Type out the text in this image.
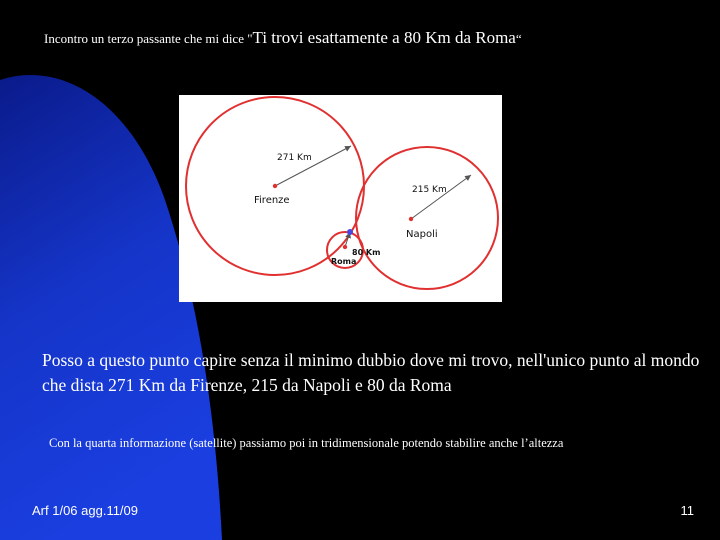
Incontro un terzo passante che mi dice "Ti trovi esattamente a 80 Km da Roma“
271 Km
Firenze
215 Km
Napoli
80 Km
Roma
Posso a questo punto capire senza il minimo dubbio dove mi trovo, nell'unico punto al mondo che dista 271 Km da Firenze, 215 da Napoli e 80 da Roma
Con la quarta informazione (satellite) passiamo poi in tridimensionale potendo stabilire anche l’altezza
Arf 1/06 agg.11/09	11
